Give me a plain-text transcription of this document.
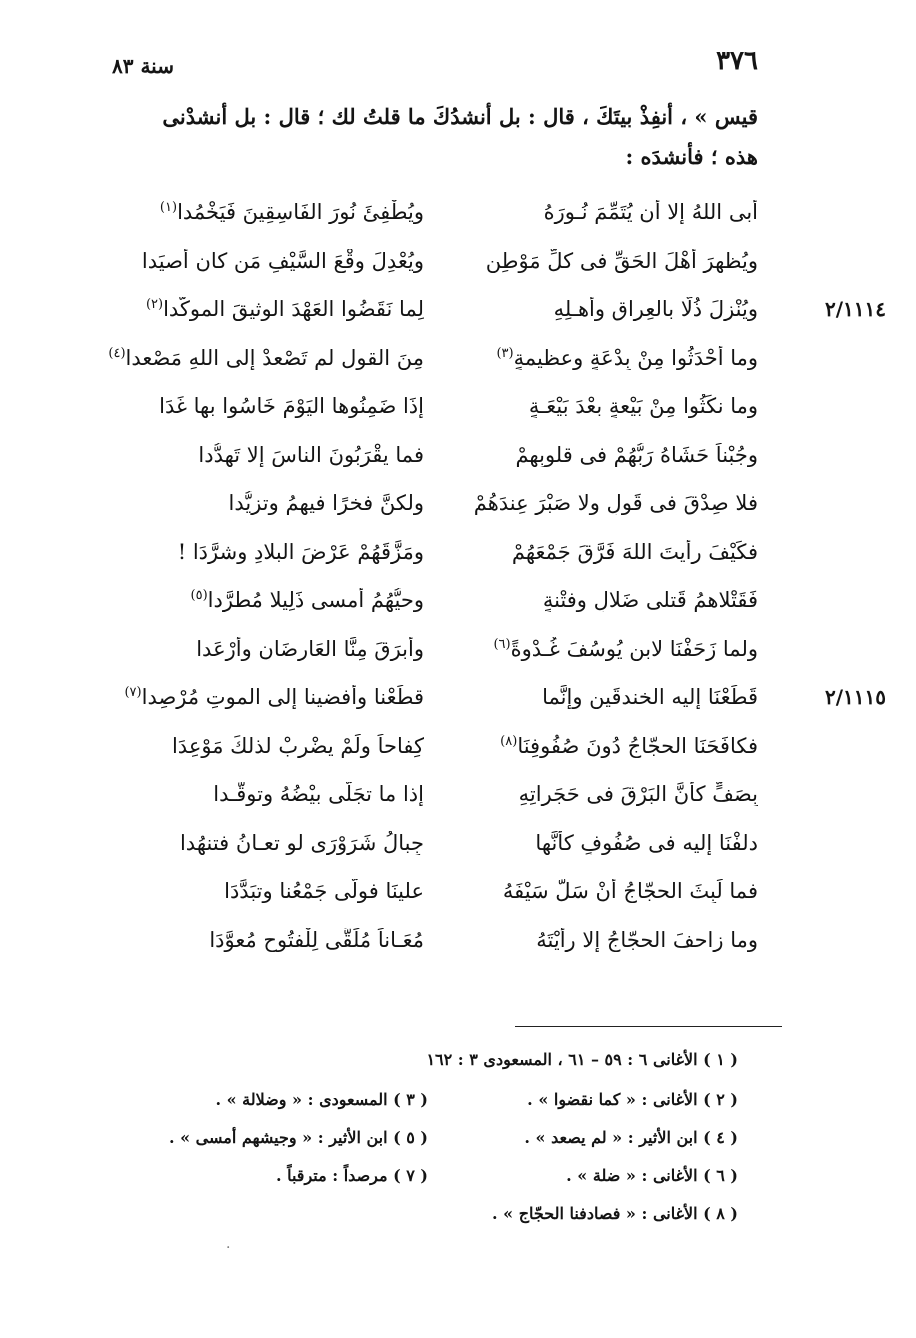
٣٧٦
سنة ٨٣
قيس » ، أنفِذْ بيتَكَ ، قال : بل أنشدُكَ ما قلتُ لك ؛ قال : بل أنشدْنى
هذه ؛ فأنشدَه :
أَبى اللهُ إلا أن يُتَمِّمَ نُـورَهُ
ويُطْفِئَ نُورَ الفَاسِقِينَ فَيَخْمُدا$^{(١)}$
ويُظهِرَ أَهْلَ الحَقِّ فى كلِّ مَوْطِنٍ
ويُعْدِلَ وقْعَ السَّيْفِ مَن كان أَصيَدا
ويُنْزِلَ ذُلًّا بالعِراقِ وأَهـلِهِ
لِما نَقَضُوا العَهْدَ الوثيقَ الموكَّدا$^{(٢)}$
وما أَحْدَثُوا مِنْ بِدْعَةٍ وعظيمةٍ$^{(٣)}$
مِنَ القولِ لم تَصْعدْ إلى اللهِ مَصْعدا$^{(٤)}$
وما نكَثُوا مِنْ بَيْعةٍ بعْدَ بَيْعَـةٍ
إذَا ضَمِنُوها اليَوْمَ خَاسُوا بها غَدَا
وجُبْناً حَشَاهُ رَبُّهُمْ فى قلوبِهِمْ
فما يقْرَبُونَ الناسَ إلا تَهدُّدا
فلا صِدْقَ فى قَولٍ ولا صَبْرَ عِندَهُمْ
ولكنَّ فخرًا فيهِمُ وتزيُّدا
فكَيْفَ رأيتَ اللهَ فَرَّقَ جَمْعَهُمْ
ومَزَّقَهُمْ عَرْضَ البلادِ وشرَّدَا !
فَقَتْلاهمُ قَتلى ضَلالٍ وفتْنةٍ
وحيُّهُمُ أمسى ذَلِيلا مُطرَّدا$^{(٥)}$
ولما زَحَفْنَا لابنِ يُوسُفَ غُـدْوةً$^{(٦)}$
وأَبرَقَ مِنَّا العَارِضَانِ وأَرْعَدا
قَطَعْنَا إليه الخندقَينِ وإنَّما
قطَعْنا وأَفضينا إلى الموتِ مُرْصِدا$^{(٧)}$
فكافَحَنَا الحجّاجُ دُونَ صُفُوفِنَا$^{(٨)}$
كِفاحاً ولَمْ يضْرِبْ لذلكَ مَوْعِدَا
بِصَفٍّ كأنَّ البَرْقَ فى حَجَراتِهِ
إذا ما تجَلَّى بيْضُهُ وتوقَّـدا
دلفْنَا إليه فى صُفُوفٍ كأنَّها
جِبالُ شَرَوْرَى لو تعـانُ فتنهُدا
فما لَبِثَ الحجّاجُ أنْ سَلَّ سَيْفَهُ
علينَا فولَّى جَمْعُنا وتبَدَّدَا
وما زاحفَ الحجّاجُ إلا رأيْتَهُ
مُعَـاناً مُلَقًّى لِلْفتُوحِ مُعوَّدَا
٢/١١١٤
٢/١١١٥
( ١ ) الأغانى ٦ : ٥٩ – ٦١ ، المسعودى ٣ : ١٦٢
( ٢ ) الأغانى : « كما نقضوا » .
( ٣ ) المسعودى : « وضلالة » .
( ٤ ) ابن الأثير : « لم يصعد » .
( ٥ ) ابن الأثير : « وجيشهم أمسى » .
( ٦ ) الأغانى : « ضلة » .
( ٧ ) مرصداً : مترقباً .
( ٨ ) الأغانى : « فصادفنا الحجّاج » .
·
